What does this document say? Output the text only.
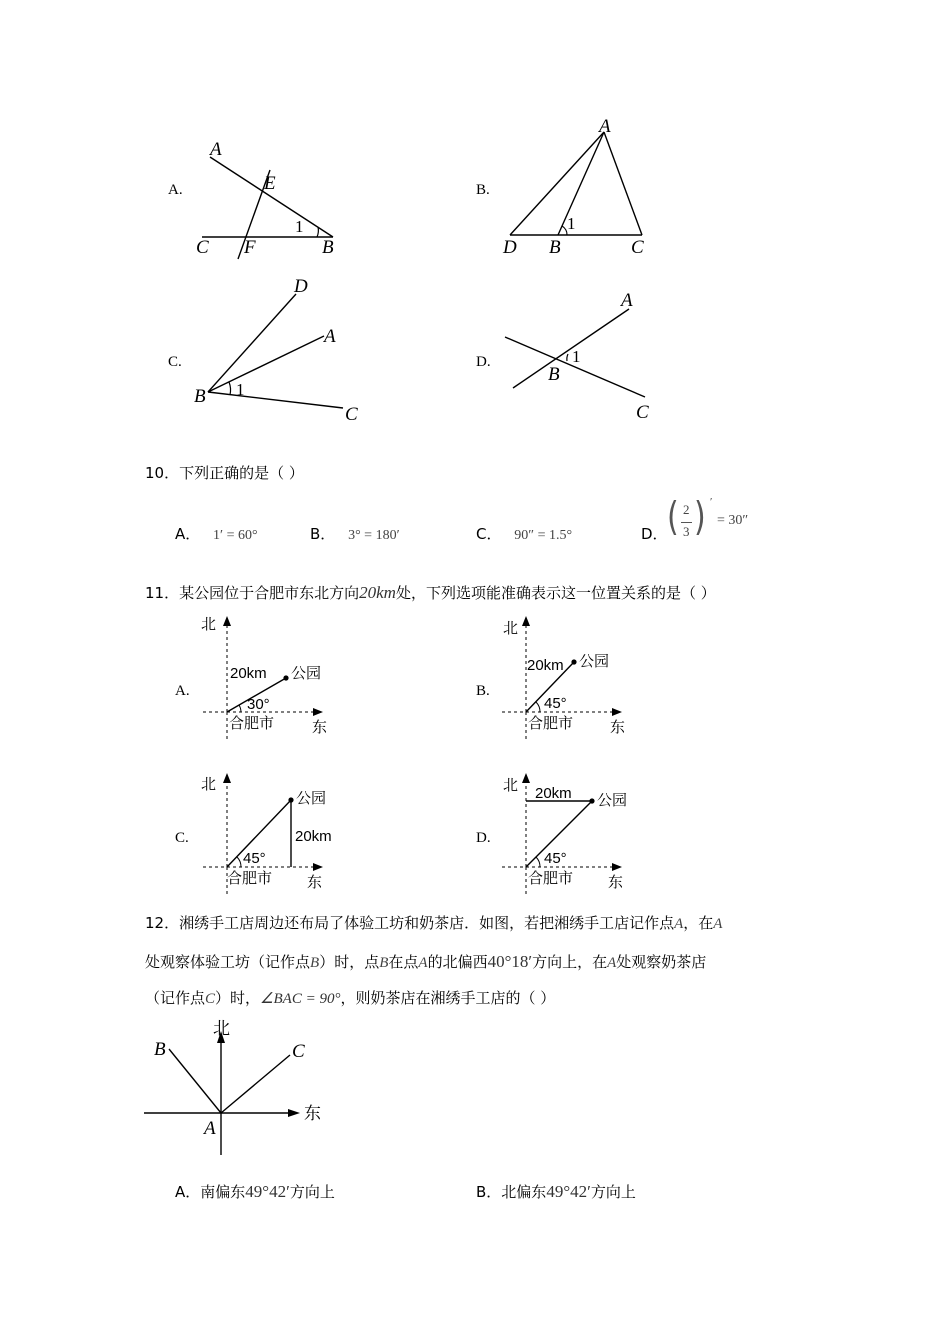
A.
A
E
C F	B
1
B.
A
D B	C
1
C.
D
A
B
C
1
D.
A
B
C
1
10．下列正确的是（ ）
A． 1′ = 60°	B． 3° = 180′	C． 90″ = 1.5°	D． ( 2
3 ) ′
= 30″
11．某公园位于合肥市东北方向20km处，下列选项能准确表示这一位置关系的是（ ）
A.
北
东
合肥市
公园
20km
30°
B.
北
东
合肥市
公园
20km
45°
C.
北
东
合肥市
公园
20km
45°
D.
北
东
合肥市
公园
20km
45°
12．湘绣手工店周边还布局了体验工坊和奶茶店．如图，若把湘绣手工店记作点A，在A
处观察体验工坊（记作点B）时，点B在点A的北偏西40°18′方向上，在A处观察奶茶店
（记作点C）时，∠BAC = 90°，则奶茶店在湘绣手工店的（ ）
北
东
B	C
A
A．南偏东49°42′方向上	B．北偏东49°42′方向上
